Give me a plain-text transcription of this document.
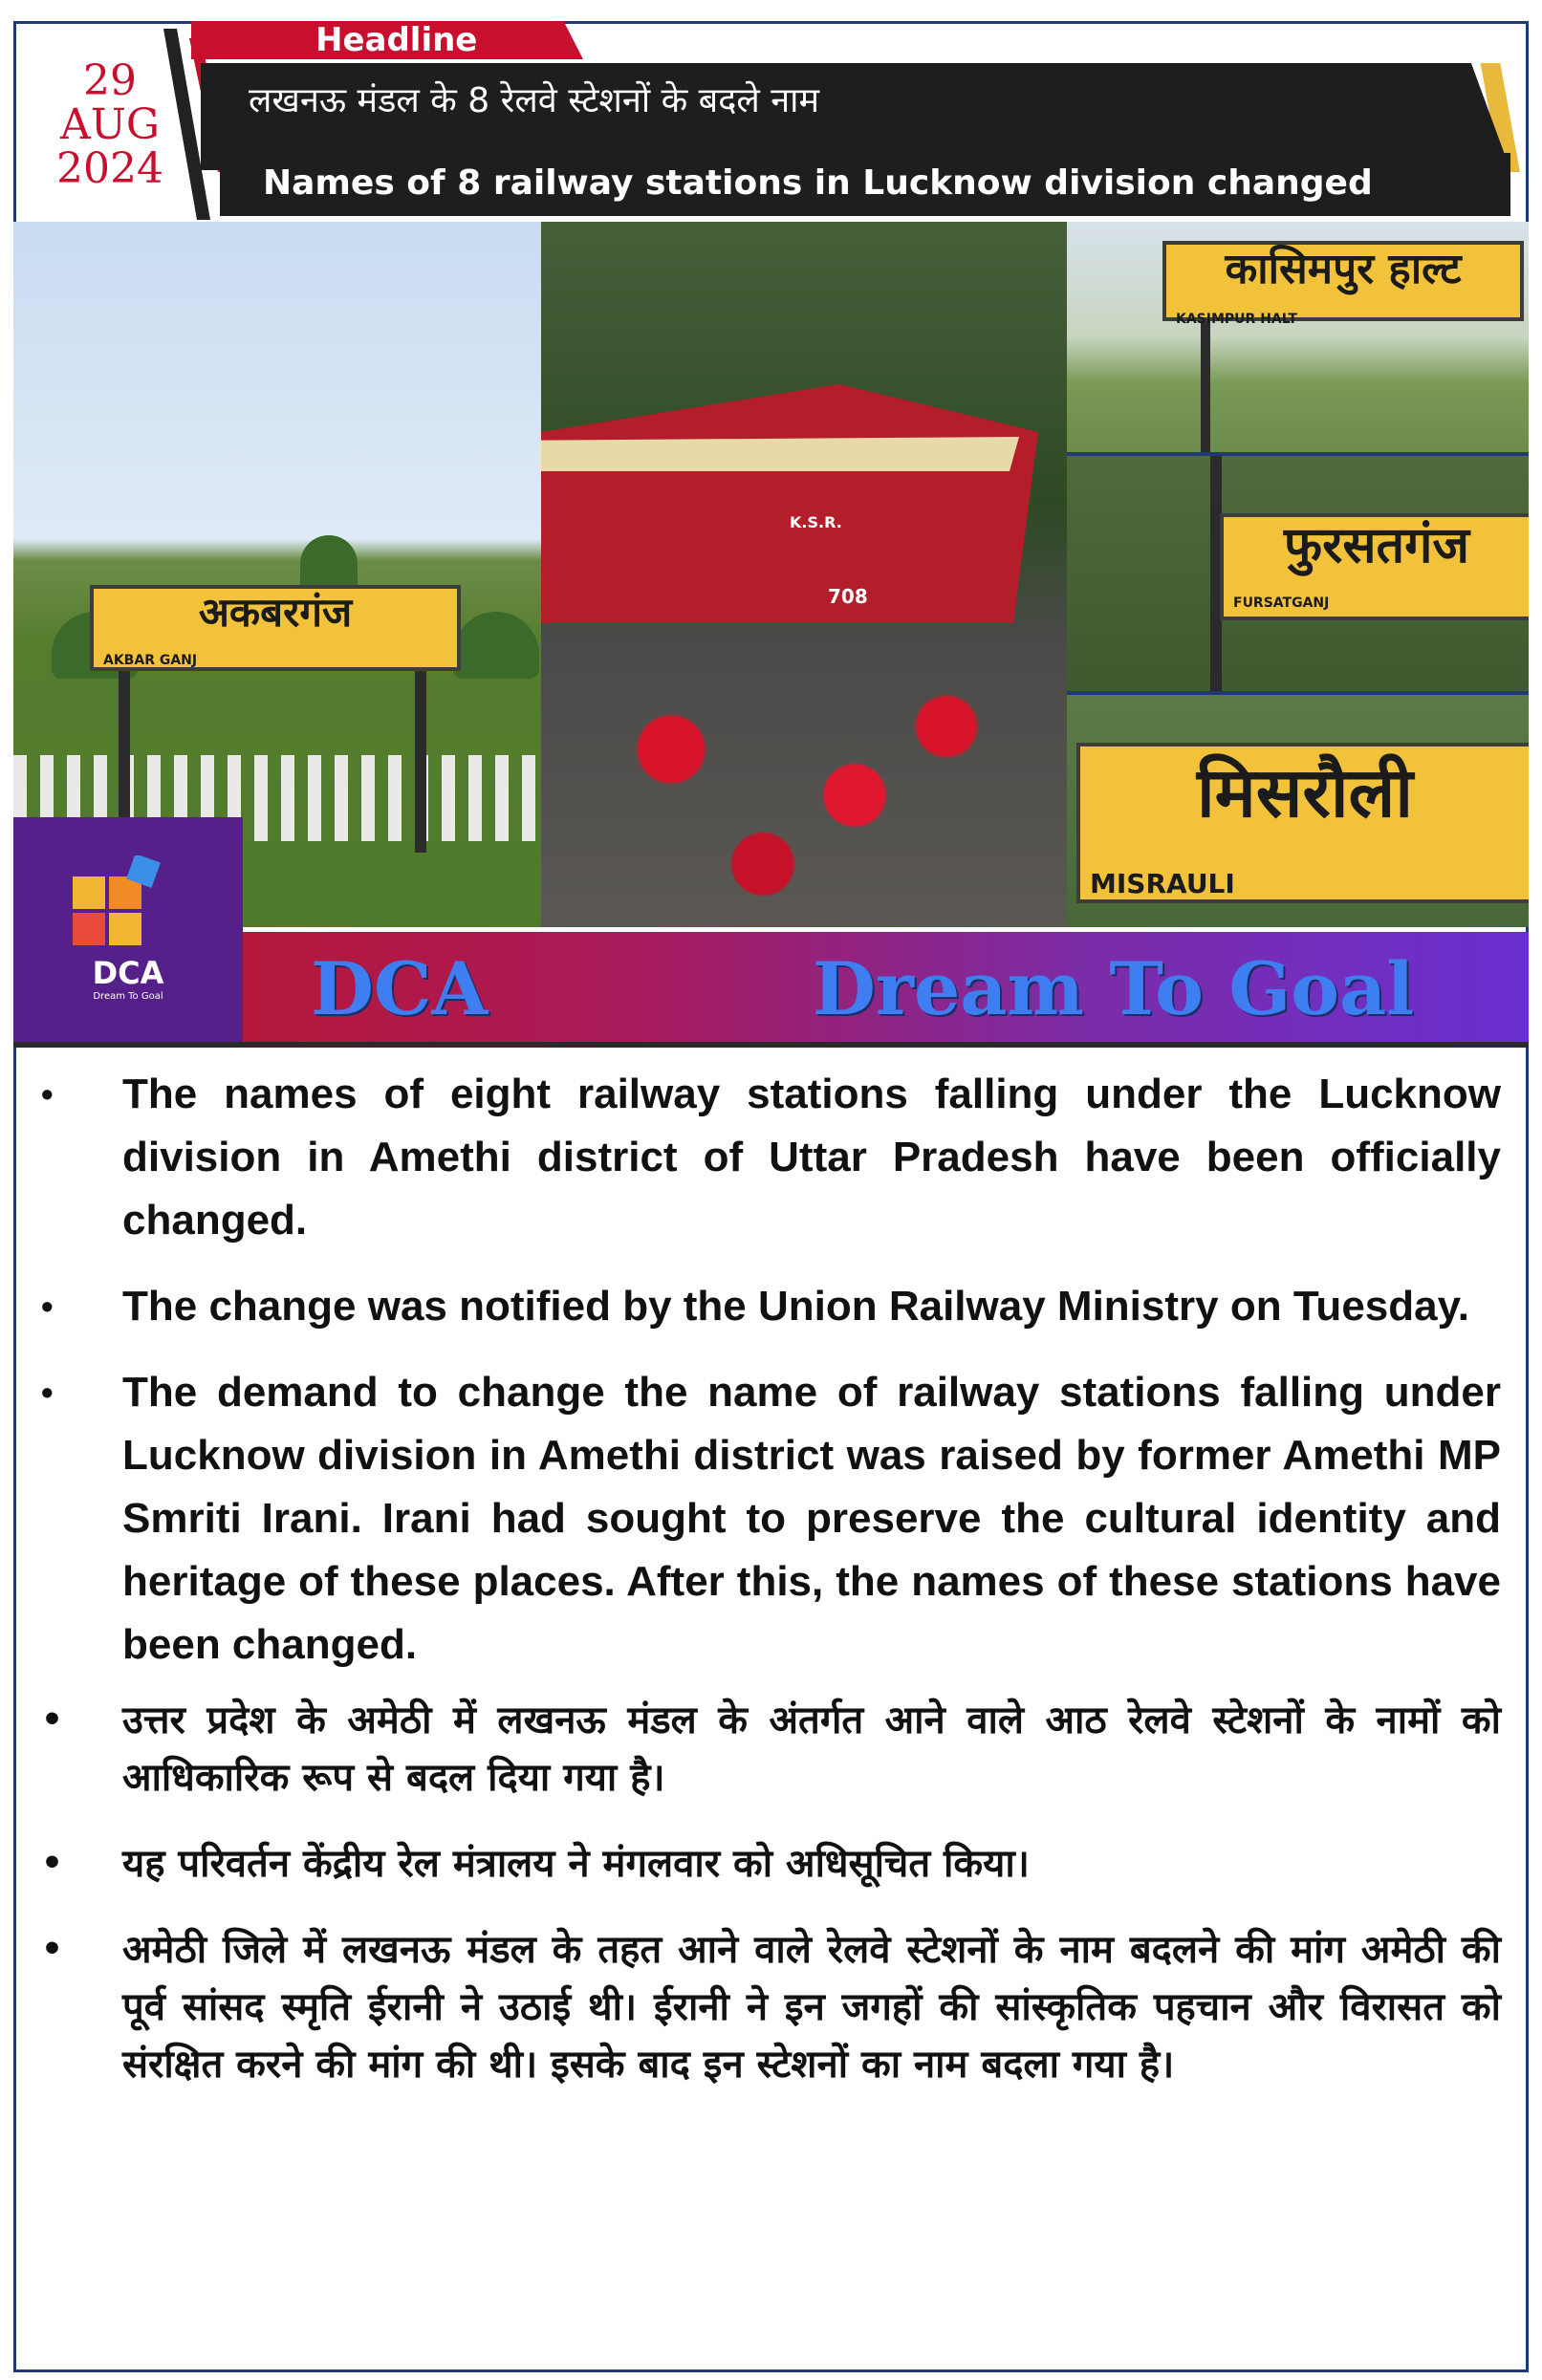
Headline
29
AUG
2024
लखनऊ मंडल के 8 रेलवे स्टेशनों के बदले नाम
Names of 8 railway stations in Lucknow division changed
अकबरगंज
AKBAR GANJ
708
K.S.R.
कासिमपुर हाल्ट
KASIMPUR HALT
फुरसतगंज
FURSATGANJ
मिसरौली
MISRAULI
DCA
Dream To Goal	DCA	Dream To Goal
• The names of eight railway stations falling under the Lucknow division in Amethi district of Uttar Pradesh have been officially changed.
• The change was notified by the Union Railway Ministry on Tuesday.
• The demand to change the name of railway stations falling under Lucknow division in Amethi district was raised by former Amethi MP Smriti Irani. Irani had sought to preserve the cultural identity and heritage of these places. After this, the names of these stations have been changed.
• उत्तर प्रदेश के अमेठी में लखनऊ मंडल के अंतर्गत आने वाले आठ रेलवे स्टेशनों के नामों को आधिकारिक रूप से बदल दिया गया है।
• यह परिवर्तन केंद्रीय रेल मंत्रालय ने मंगलवार को अधिसूचित किया।
• अमेठी जिले में लखनऊ मंडल के तहत आने वाले रेलवे स्टेशनों के नाम बदलने की मांग अमेठी की पूर्व सांसद स्मृति ईरानी ने उठाई थी। ईरानी ने इन जगहों की सांस्कृतिक पहचान और विरासत को संरक्षित करने की मांग की थी। इसके बाद इन स्टेशनों का नाम बदला गया है।
